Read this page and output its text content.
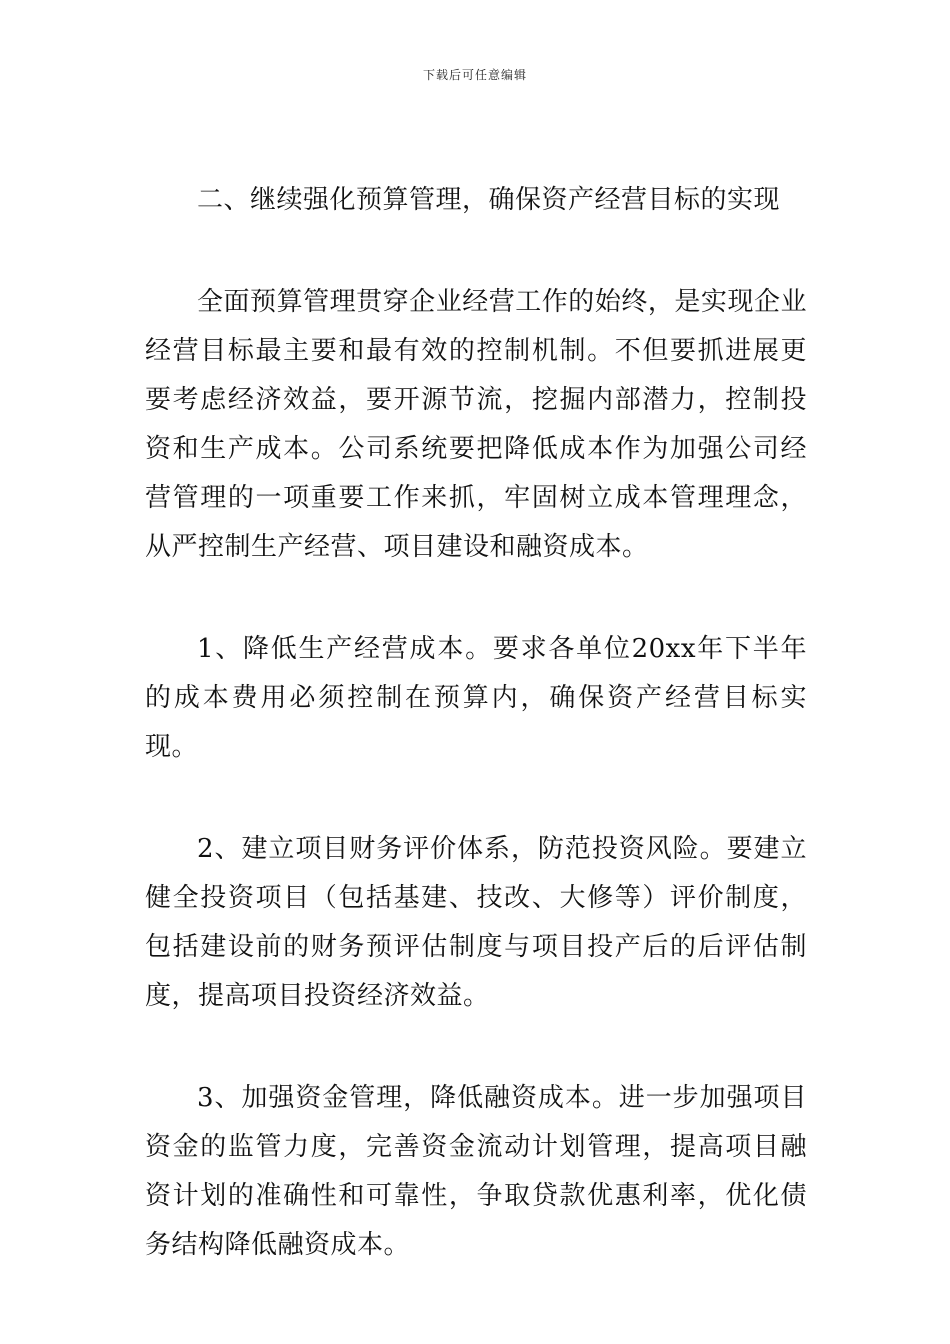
下载后可任意编辑

二、继续强化预算管理，确保资产经营目标的实现

全面预算管理贯穿企业经营工作的始终，是实现企业经营目标最主要和最有效的控制机制。不但要抓进展更要考虑经济效益，要开源节流，挖掘内部潜力，控制投资和生产成本。公司系统要把降低成本作为加强公司经营管理的一项重要工作来抓，牢固树立成本管理理念，从严控制生产经营、项目建设和融资成本。

1、降低生产经营成本。要求各单位20xx年下半年的成本费用必须控制在预算内，确保资产经营目标实现。

2、建立项目财务评价体系，防范投资风险。要建立健全投资项目（包括基建、技改、大修等）评价制度，包括建设前的财务预评估制度与项目投产后的后评估制度，提高项目投资经济效益。

3、加强资金管理，降低融资成本。进一步加强项目资金的监管力度，完善资金流动计划管理，提高项目融资计划的准确性和可靠性，争取贷款优惠利率，优化债务结构降低融资成本。
